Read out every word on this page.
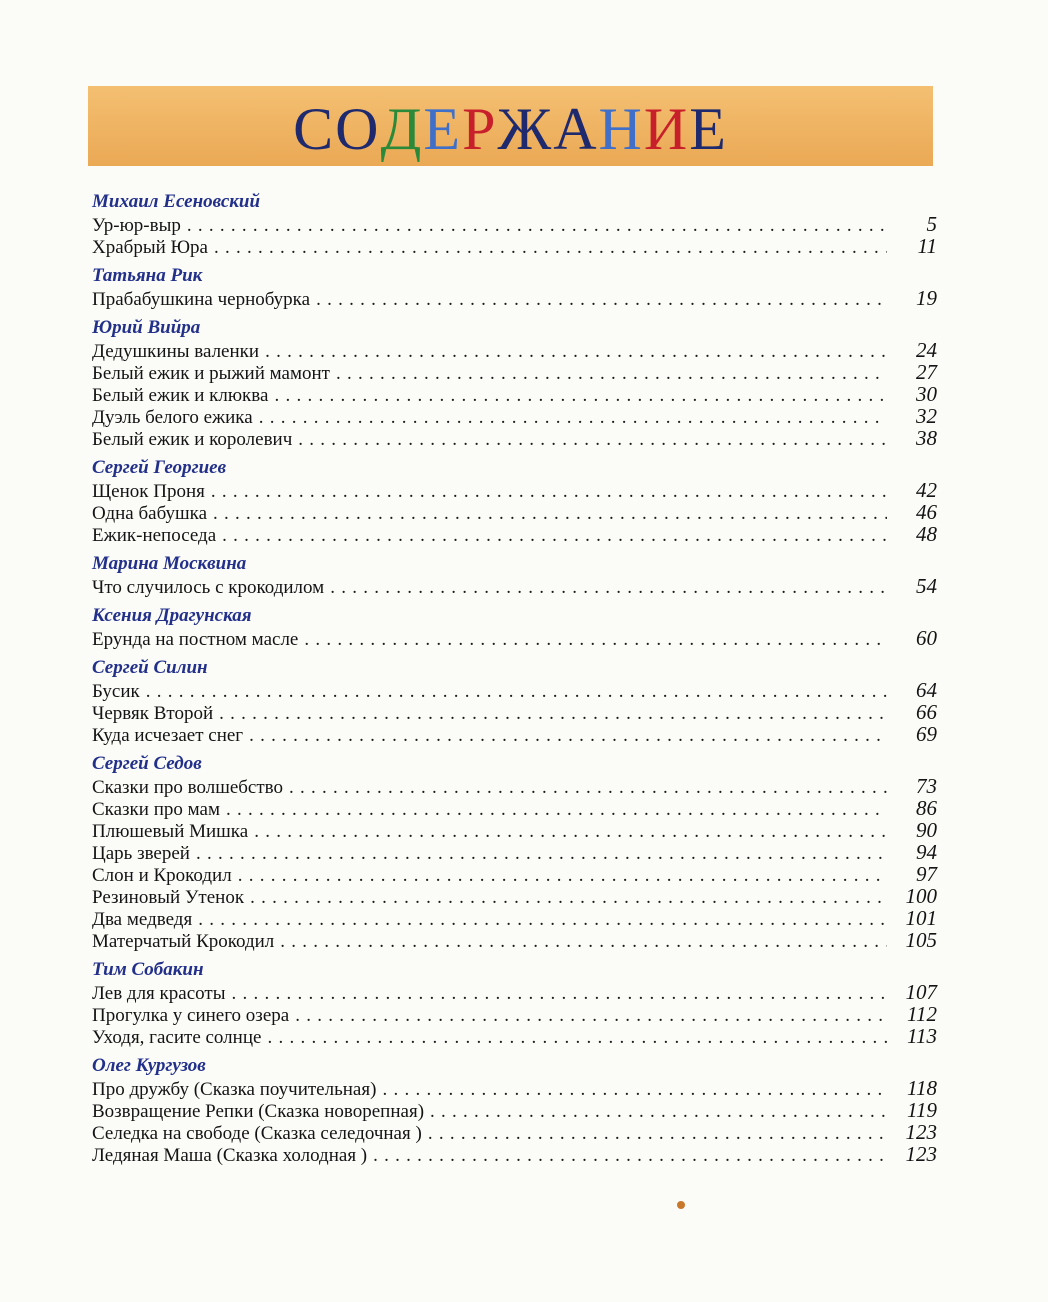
СОДЕРЖАНИЕ
Михаил Есеновский
Ур-юр-выр . . .	5
Храбрый Юра . . .	11
Татьяна Рик
Прабабушкина чернобурка . . .	19
Юрий Вийра
Дедушкины валенки . . .	24
Белый ежик и рыжий мамонт . . .	27
Белый ежик и клюква . . .	30
Дуэль белого ежика . . .	32
Белый ежик и королевич . . .	38
Сергей Георгиев
Щенок Проня . . .	42
Одна бабушка . . .	46
Ежик-непоседа . . .	48
Марина Москвина
Что случилось с крокодилом . . .	54
Ксения Драгунская
Ерунда на постном масле . . .	60
Сергей Силин
Бусик . . .	64
Червяк Второй . . .	66
Куда исчезает снег . . .	69
Сергей Седов
Сказки про волшебство . . .	73
Сказки про мам . . .	86
Плюшевый Мишка . . .	90
Царь зверей . . .	94
Слон и Крокодил . . .	97
Резиновый Утенок . . .	100
Два медведя . . .	101
Матерчатый Крокодил . . .	105
Тим Собакин
Лев для красоты . . .	107
Прогулка у синего озера . . .	112
Уходя, гасите солнце . . .	113
Олег Кургузов
Про дружбу (Сказка поучительная) . . .	118
Возвращение Репки (Сказка новорепная) . . .	119
Селедка на свободе (Сказка селедочная ) . . .	123
Ледяная Маша (Сказка холодная ) . . .	123
